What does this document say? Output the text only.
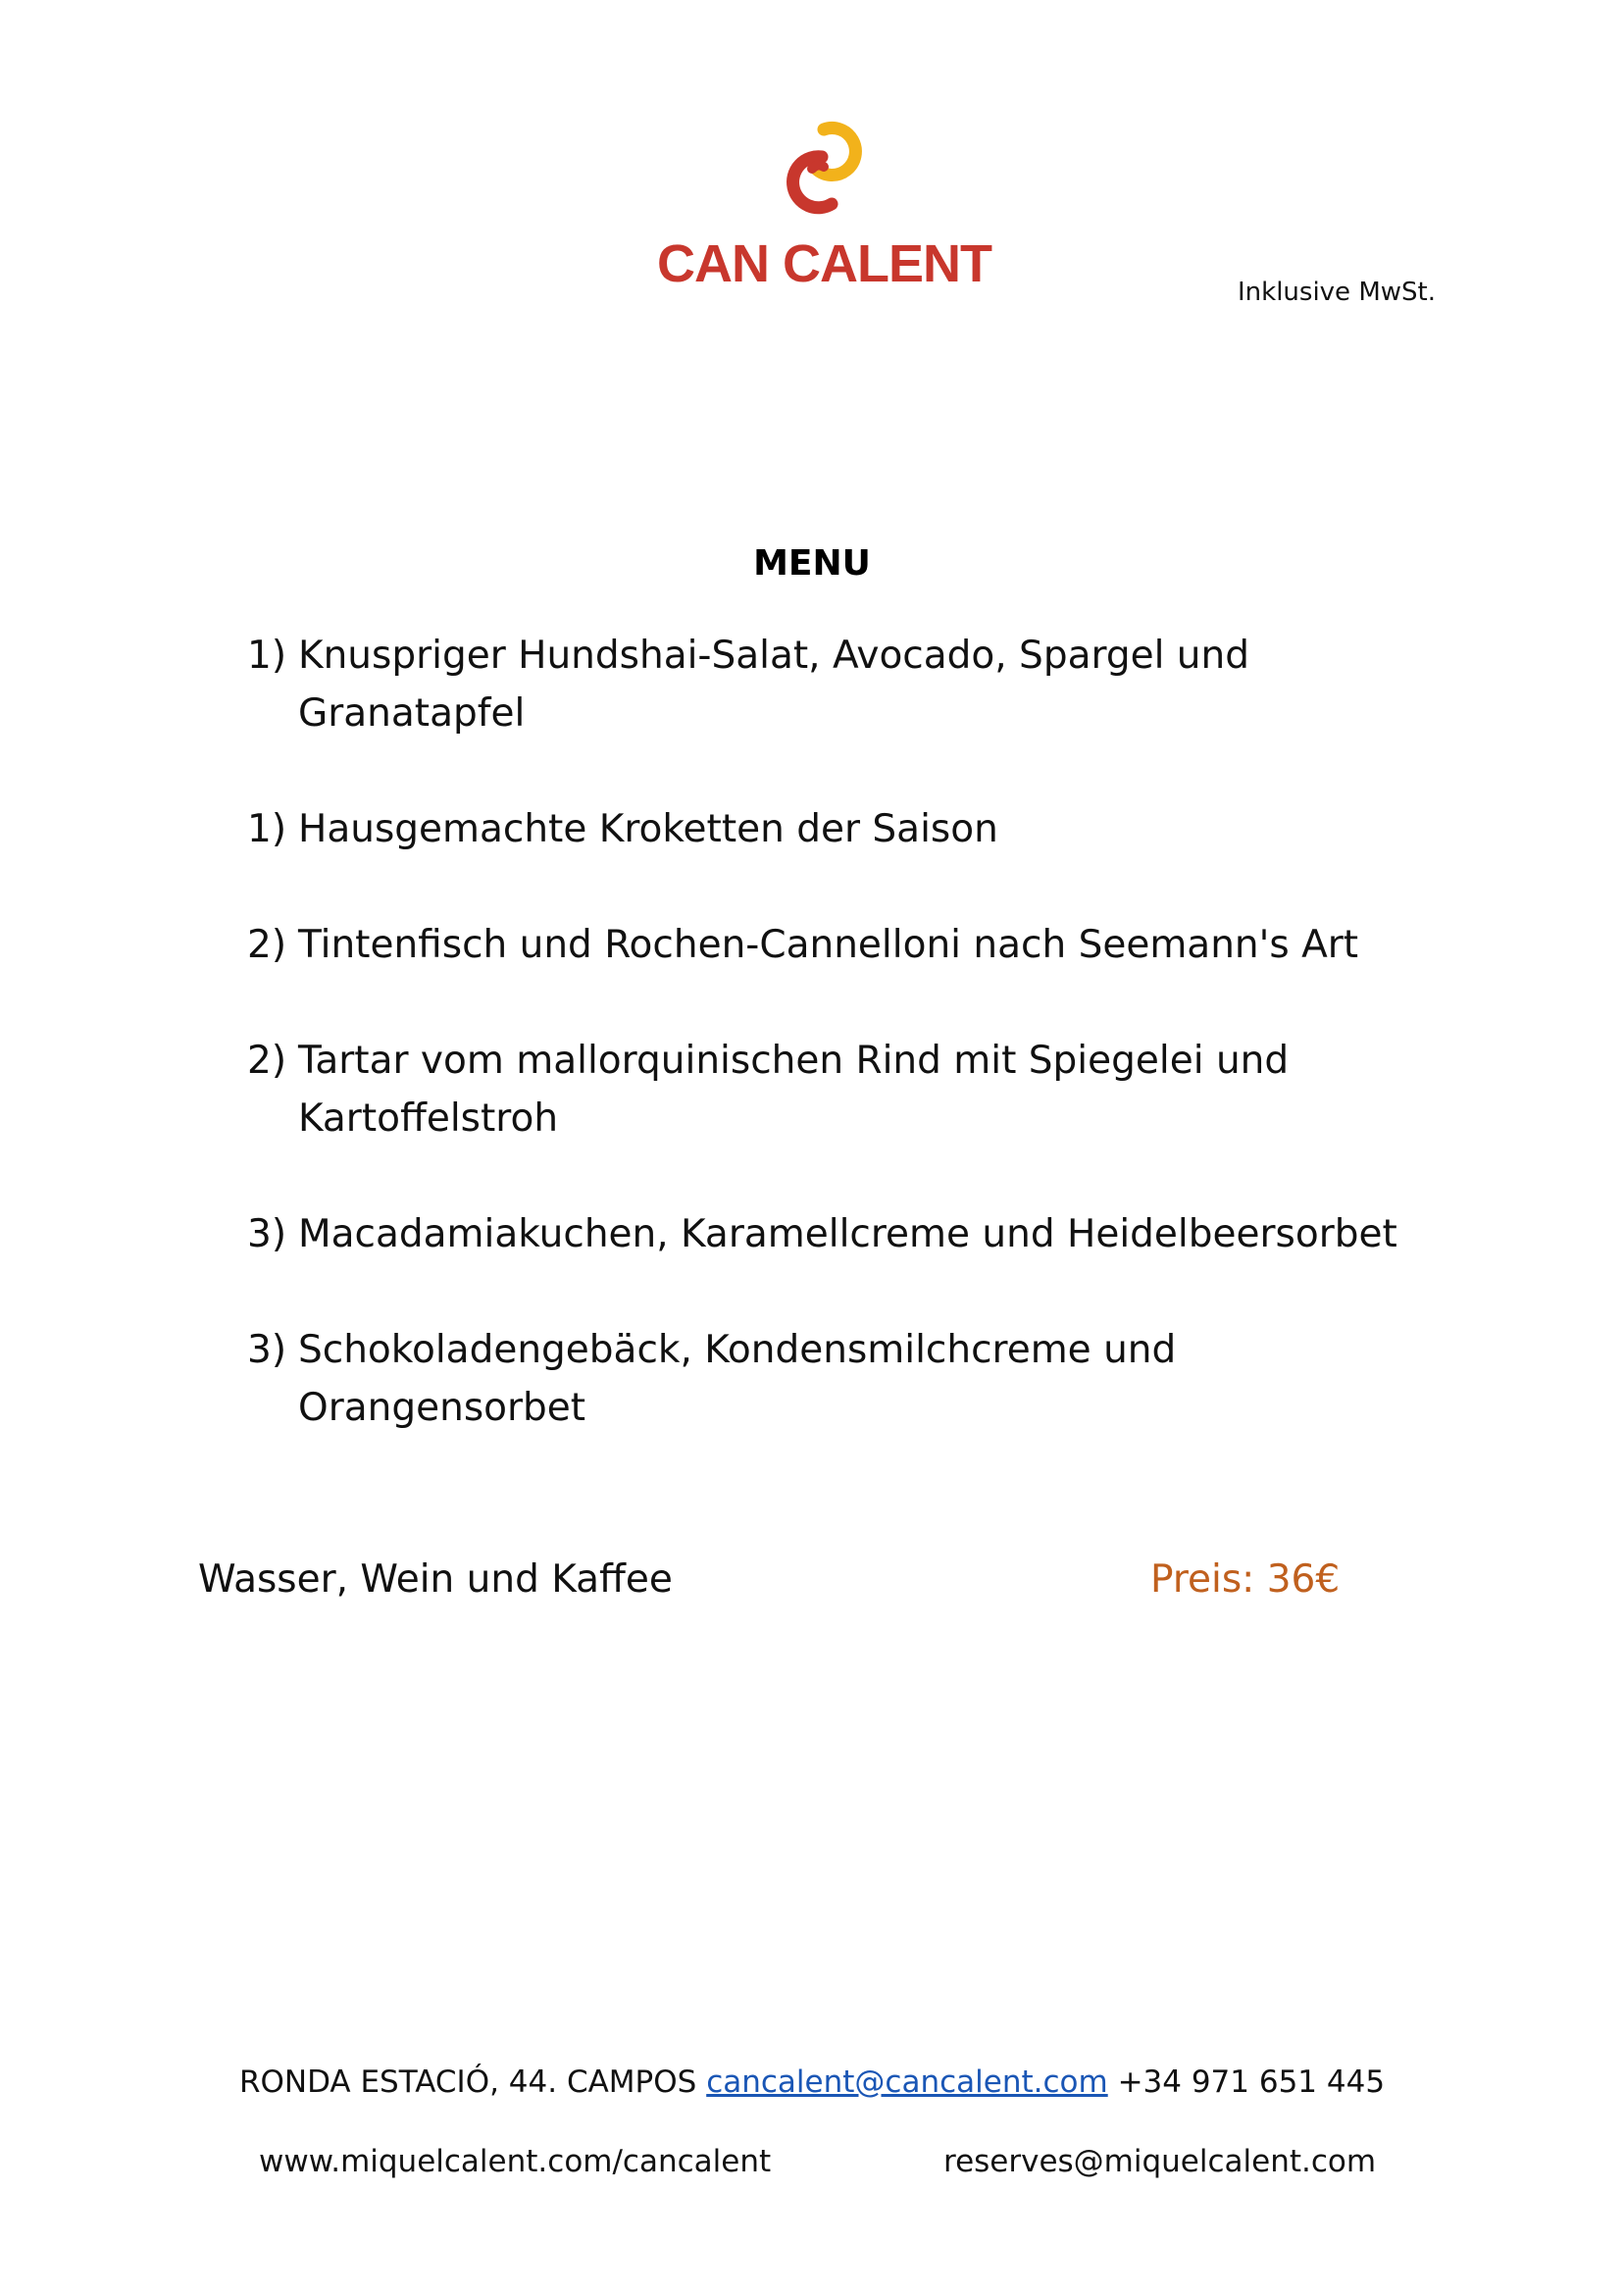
CAN CALENT	Inklusive MwSt.
MENU
1) Knuspriger Hundshai-Salat, Avocado, Spargel und Granatapfel
1) Hausgemachte Kroketten der Saison
2) Tintenfisch und Rochen-Cannelloni nach Seemann's Art
2) Tartar vom mallorquinischen Rind mit Spiegelei und Kartoffelstroh
3) Macadamiakuchen, Karamellcreme und Heidelbeersorbet
3) Schokoladengebäck, Kondensmilchcreme und Orangensorbet
Wasser, Wein und Kaffee	Preis: 36€
RONDA ESTACIÓ, 44. CAMPOS cancalent@cancalent.com +34 971 651 445
www.miquelcalent.com/cancalent	reserves@miquelcalent.com
